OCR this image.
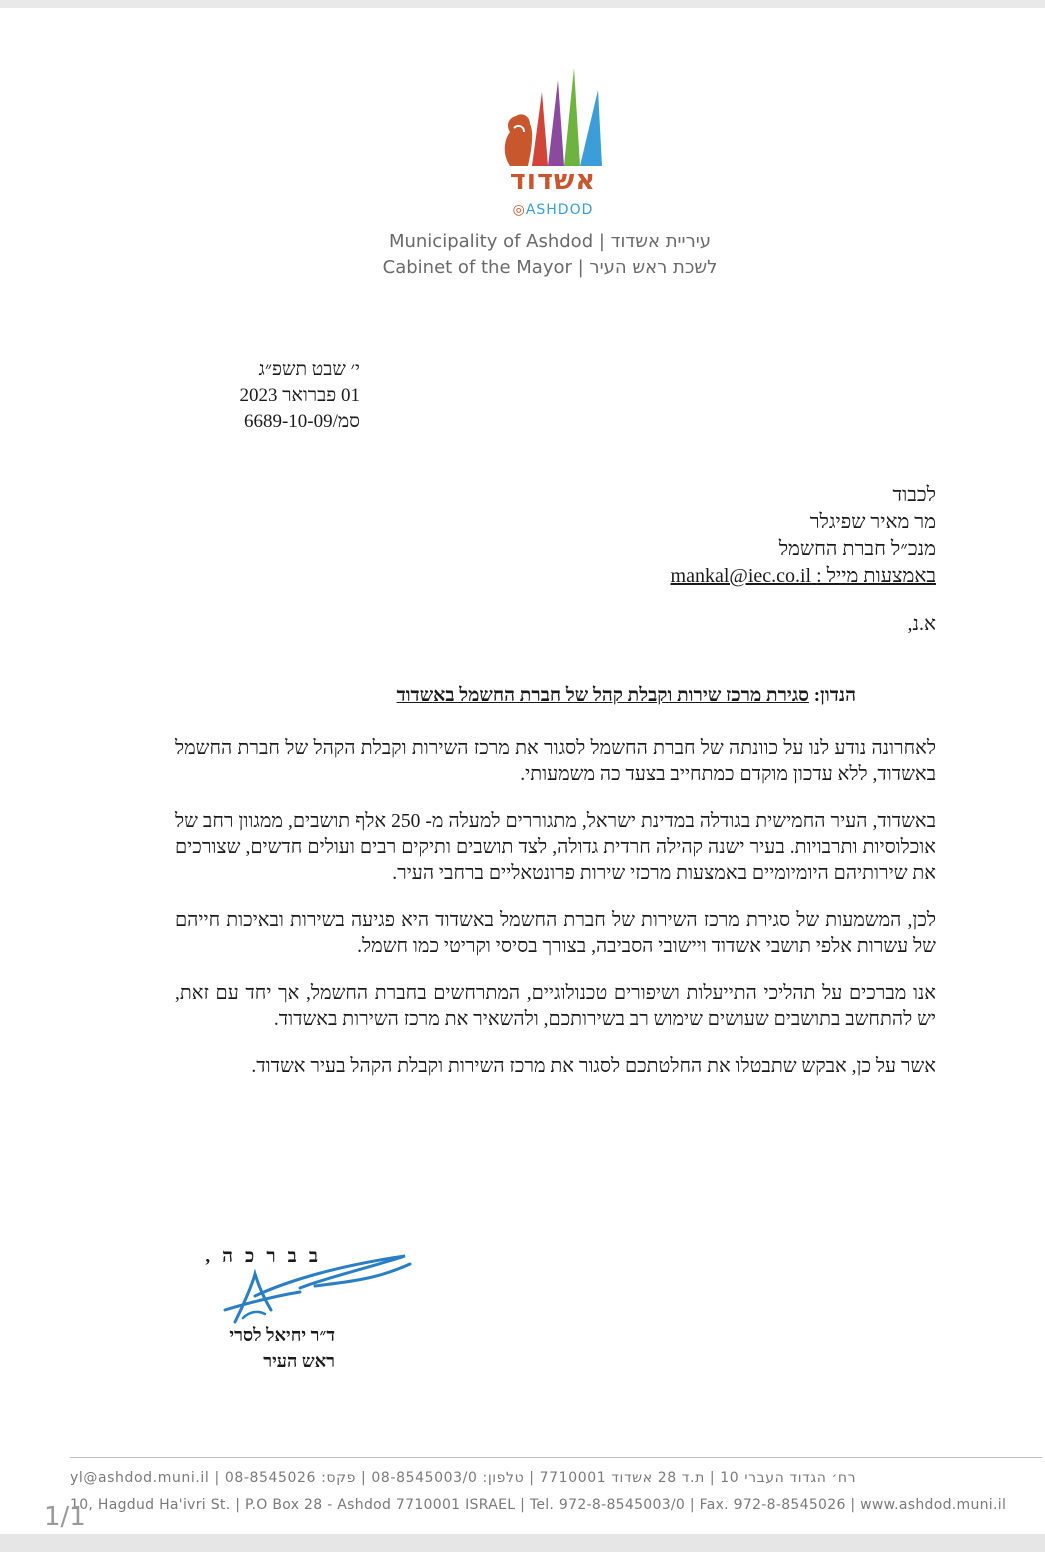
אשדוד
◎ASHDOD
Municipality of Ashdod | עיריית אשדוד
Cabinet of the Mayor | לשכת ראש העיר
י׳ שבט תשפ״ג
01 פברואר 2023
סמ/6689-10-09
לכבוד
מר מאיר שפיגלר
מנכ״ל חברת החשמל
באמצעות מייל : mankal@iec.co.il
א.נ,
הנדון: סגירת מרכז שירות וקבלת קהל של חברת החשמל באשדוד

לאחרונה נודע לנו על כוונתה של חברת החשמל לסגור את מרכז השירות וקבלת הקהל של חברת החשמל באשדוד, ללא עדכון מוקדם כמתחייב בצעד כה משמעותי.

באשדוד, העיר החמישית בגודלה במדינת ישראל, מתגוררים למעלה מ- 250 אלף תושבים, ממגוון רחב של אוכלוסיות ותרבויות. בעיר ישנה קהילה חרדית גדולה, לצד תושבים ותיקים רבים ועולים חדשים, שצורכים את שירותיהם היומיומיים באמצעות מרכזי שירות פרונטאליים ברחבי העיר.

לכן, המשמעות של סגירת מרכז השירות של חברת החשמל באשדוד היא פגיעה בשירות ובאיכות חייהם של עשרות אלפי תושבי אשדוד ויישובי הסביבה, בצורך בסיסי וקריטי כמו חשמל.

אנו מברכים על תהליכי התייעלות ושיפורים טכנולוגיים, המתרחשים בחברת החשמל, אך יחד עם זאת, יש להתחשב בתושבים שעושים שימוש רב בשירותכם, ולהשאיר את מרכז השירות באשדוד.

אשר על כן, אבקש שתבטלו את החלטתכם לסגור את מרכז השירות וקבלת הקהל בעיר אשדוד.

בברכה,
ד״ר יחיאל לסרי
ראש העיר
רח׳ הגדוד העברי 10 | ת.ד 28 אשדוד 7710001 | טלפון: 08-8545003/0 | פקס: 08-8545026 | yl@ashdod.muni.il
10, Hagdud Ha'ivri St. | P.O Box 28 - Ashdod 7710001 ISRAEL | Tel. 972-8-8545003/0 | Fax. 972-8-8545026 | www.ashdod.muni.il
1/1
